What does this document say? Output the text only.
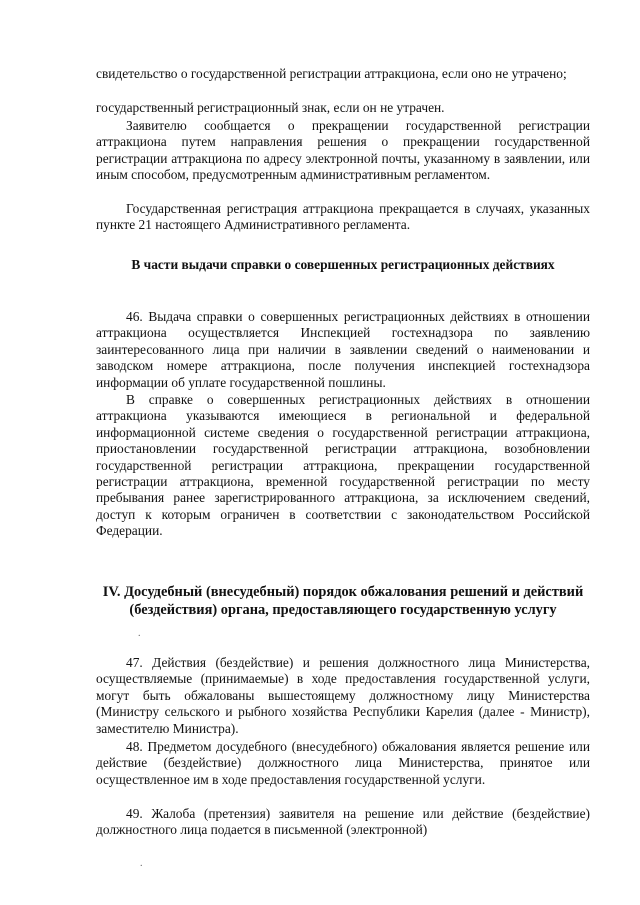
свидетельство о государственной регистрации аттракциона, если оно не утрачено;

государственный регистрационный знак, если он не утрачен.

Заявителю сообщается о прекращении государственной регистрации аттракциона путем направления решения о прекращении государственной регистрации аттракциона по адресу электронной почты, указанному в заявлении, или иным способом, предусмотренным административным регламентом.

Государственная регистрация аттракциона прекращается в случаях, указанных пункте 21 настоящего Административного регламента.

В части выдачи справки о совершенных регистрационных действиях

46. Выдача справки о совершенных регистрационных действиях в отношении аттракциона осуществляется Инспекцией гостехнадзора по заявлению заинтересованного лица при наличии в заявлении сведений о наименовании и заводском номере аттракциона, после получения инспекцией гостехнадзора информации об уплате государственной пошлины.

В справке о совершенных регистрационных действиях в отношении аттракциона указываются имеющиеся в региональной и федеральной информационной системе сведения о государственной регистрации аттракциона, приостановлении государственной регистрации аттракциона, возобновлении государственной регистрации аттракциона, прекращении государственной регистрации аттракциона, временной государственной регистрации по месту пребывания ранее зарегистрированного аттракциона, за исключением сведений, доступ к которым ограничен в соответствии с законодательством Российской Федерации.

IV. Досудебный (внесудебный) порядок обжалования решений и действий (бездействия) органа, предоставляющего государственную услугу

47. Действия (бездействие) и решения должностного лица Министерства, осуществляемые (принимаемые) в ходе предоставления государственной услуги, могут быть обжалованы вышестоящему должностному лицу Министерства (Министру сельского и рыбного хозяйства Республики Карелия (далее - Министр), заместителю Министра).

48. Предметом досудебного (внесудебного) обжалования является решение или действие (бездействие) должностного лица Министерства, принятое или осуществленное им в ходе предоставления государственной услуги.

49. Жалоба (претензия) заявителя на решение или действие (бездействие) должностного лица подается в письменной (электронной)

.
.
